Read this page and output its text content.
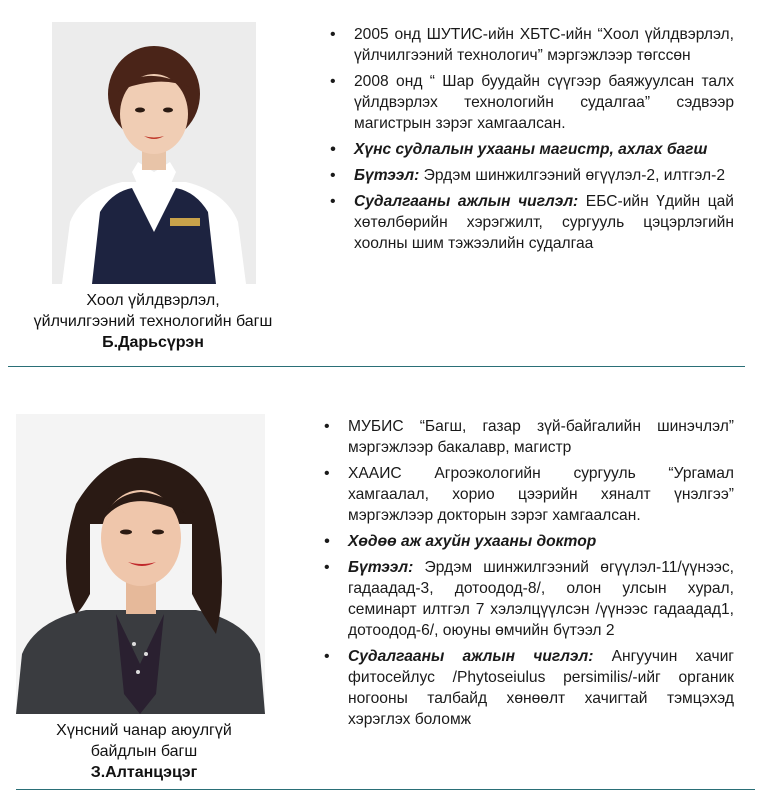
Хоол үйлдвэрлэл,
үйлчилгээний технологийн багш
Б.Дарьсүрэн
• 2005 онд ШУТИС-ийн ХБТС-ийн “Хоол үйлдвэрлэл, үйлчилгээний технологич” мэргэжлээр төгссөн
• 2008 онд “ Шар буудайн сүүгээр баяжуулсан талх үйлдвэрлэх технологийн судалгаа” сэдвээр магистрын зэрэг хамгаалсан.
• Хүнс судлалын ухааны магистр, ахлах багш
• Бүтээл: Эрдэм шинжилгээний өгүүлэл-2, илтгэл-2
• Судалгааны ажлын чиглэл: ЕБС-ийн Үдийн цай хөтөлбөрийн хэрэгжилт, сургууль цэцэрлэгийн хоолны шим тэжээлийн судалгаа
Хүнсний чанар аюулгүй
байдлын багш
З.Алтанцэцэг
• МУБИС “Багш, газар зүй-байгалийн шинэчлэл” мэргэжлээр бакалавр, магистр
• ХААИС Агроэкологийн сургууль “Ургамал хамгаалал, хорио цээрийн хяналт үнэлгээ” мэргэжлээр докторын зэрэг хамгаалсан.
• Хөдөө аж ахуйн ухааны доктор
• Бүтээл: Эрдэм шинжилгээний өгүүлэл-11/үүнээс, гадаадад-3, дотоодод-8/, олон улсын хурал, семинарт илтгэл 7 хэлэлцүүлсэн /үүнээс гадаадад1, дотоодод-6/, оюуны өмчийн бүтээл 2
• Судалгааны ажлын чиглэл: Ангуучин хачиг фитосейлус /Phytoseiulus persimilis/-ийг органик ногооны талбайд хөнөөлт хачигтай тэмцэхэд хэрэглэх боломж
